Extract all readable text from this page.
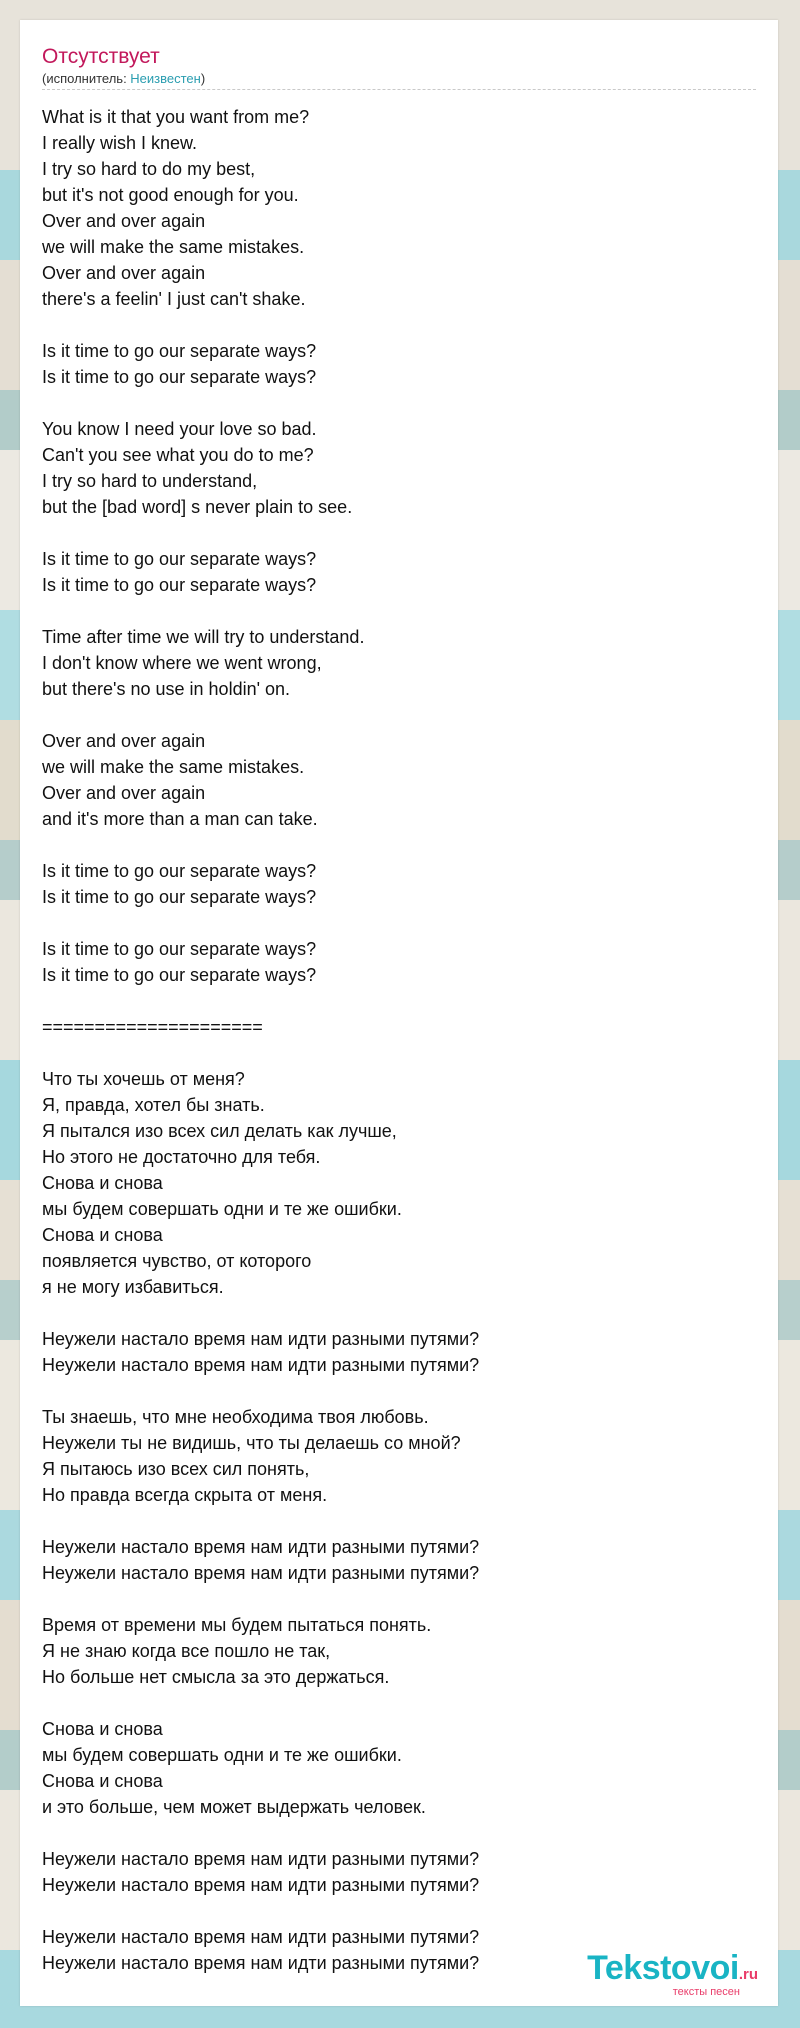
Отсутствует
(исполнитель: Неизвестен)
What is it that you want from me?
I really wish I knew.
I try so hard to do my best,
but it's not good enough for you.
Over and over again
we will make the same mistakes.
Over and over again
there's a feelin' I just can't shake.

Is it time to go our separate ways?
Is it time to go our separate ways?

You know I need your love so bad.
Can't you see what you do to me?
I try so hard to understand,
but the [bad word] s never plain to see.

Is it time to go our separate ways?
Is it time to go our separate ways?

Time after time we will try to understand.
I don't know where we went wrong,
but there's no use in holdin' on.

Over and over again
we will make the same mistakes.
Over and over again
and it's more than a man can take.

Is it time to go our separate ways?
Is it time to go our separate ways?

Is it time to go our separate ways?
Is it time to go our separate ways?

=====================

Что ты хочешь от меня?
Я, правда, хотел бы знать.
Я пытался изо всех сил делать как лучше,
Но этого не достаточно для тебя.
Снова и снова
мы будем совершать одни и те же ошибки.
Снова и снова
появляется чувство, от которого
я не могу избавиться.

Неужели настало время нам идти разными путями?
Неужели настало время нам идти разными путями?

Ты знаешь, что мне необходима твоя любовь.
Неужели ты не видишь, что ты делаешь со мной?
Я пытаюсь изо всех сил понять,
Но правда всегда скрыта от меня.

Неужели настало время нам идти разными путями?
Неужели настало время нам идти разными путями?

Время от времени мы будем пытаться понять.
Я не знаю когда все пошло не так,
Но больше нет смысла за это держаться.

Снова и снова
мы будем совершать одни и те же ошибки.
Снова и снова
и это больше, чем может выдержать человек.

Неужели настало время нам идти разными путями?
Неужели настало время нам идти разными путями?

Неужели настало время нам идти разными путями?
Неужели настало время нам идти разными путями?	Tekstovoi.ru
тексты песен
